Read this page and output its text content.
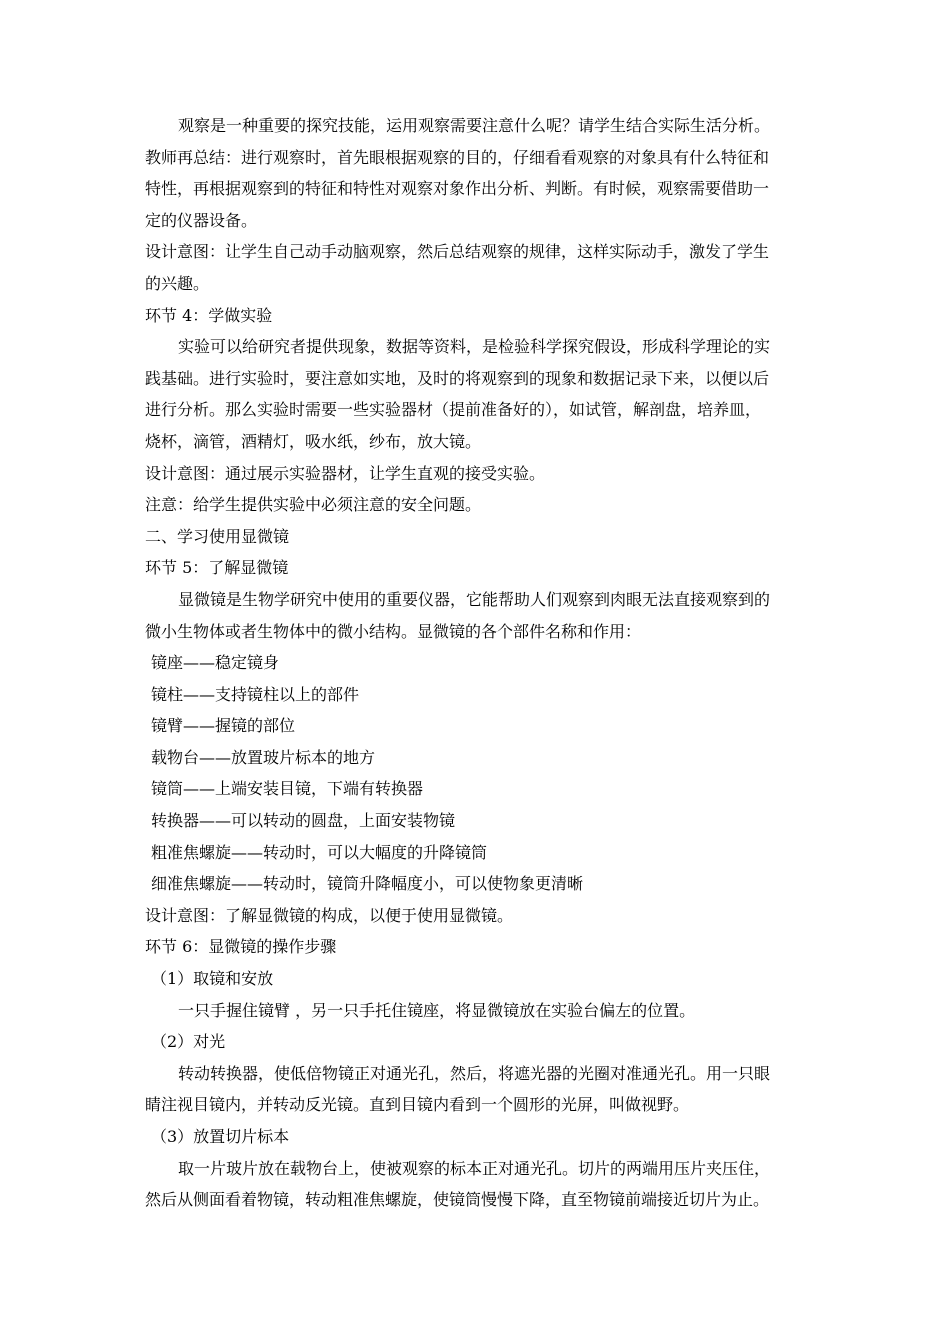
观察是一种重要的探究技能，运用观察需要注意什么呢？请学生结合实际生活分析。
教师再总结：进行观察时，首先眼根据观察的目的，仔细看看观察的对象具有什么特征和
特性，再根据观察到的特征和特性对观察对象作出分析、判断。有时候，观察需要借助一
定的仪器设备。
设计意图：让学生自己动手动脑观察，然后总结观察的规律，这样实际动手，激发了学生
的兴趣。
环节 4：学做实验
实验可以给研究者提供现象，数据等资料，是检验科学探究假设，形成科学理论的实
践基础。进行实验时，要注意如实地，及时的将观察到的现象和数据记录下来，以便以后
进行分析。那么实验时需要一些实验器材（提前准备好的），如试管，解剖盘，培养皿，
烧杯，滴管，酒精灯，吸水纸，纱布，放大镜。
设计意图：通过展示实验器材，让学生直观的接受实验。
注意：给学生提供实验中必须注意的安全问题。
二、学习使用显微镜
环节 5：了解显微镜
显微镜是生物学研究中使用的重要仪器，它能帮助人们观察到肉眼无法直接观察到的
微小生物体或者生物体中的微小结构。显微镜的各个部件名称和作用：
镜座——稳定镜身
镜柱——支持镜柱以上的部件
镜臂——握镜的部位
载物台——放置玻片标本的地方
镜筒——上端安装目镜，下端有转换器
转换器——可以转动的圆盘，上面安装物镜
粗准焦螺旋——转动时，可以大幅度的升降镜筒
细准焦螺旋——转动时，镜筒升降幅度小，可以使物象更清晰
设计意图：了解显微镜的构成，以便于使用显微镜。
环节 6：显微镜的操作步骤
（1）取镜和安放
一只手握住镜臂 ，另一只手托住镜座，将显微镜放在实验台偏左的位置。
（2）对光
转动转换器，使低倍物镜正对通光孔，然后，将遮光器的光圈对准通光孔。用一只眼
睛注视目镜内，并转动反光镜。直到目镜内看到一个圆形的光屏，叫做视野。
（3）放置切片标本
取一片玻片放在载物台上，使被观察的标本正对通光孔。切片的两端用压片夹压住，
然后从侧面看着物镜，转动粗准焦螺旋，使镜筒慢慢下降，直至物镜前端接近切片为止。
